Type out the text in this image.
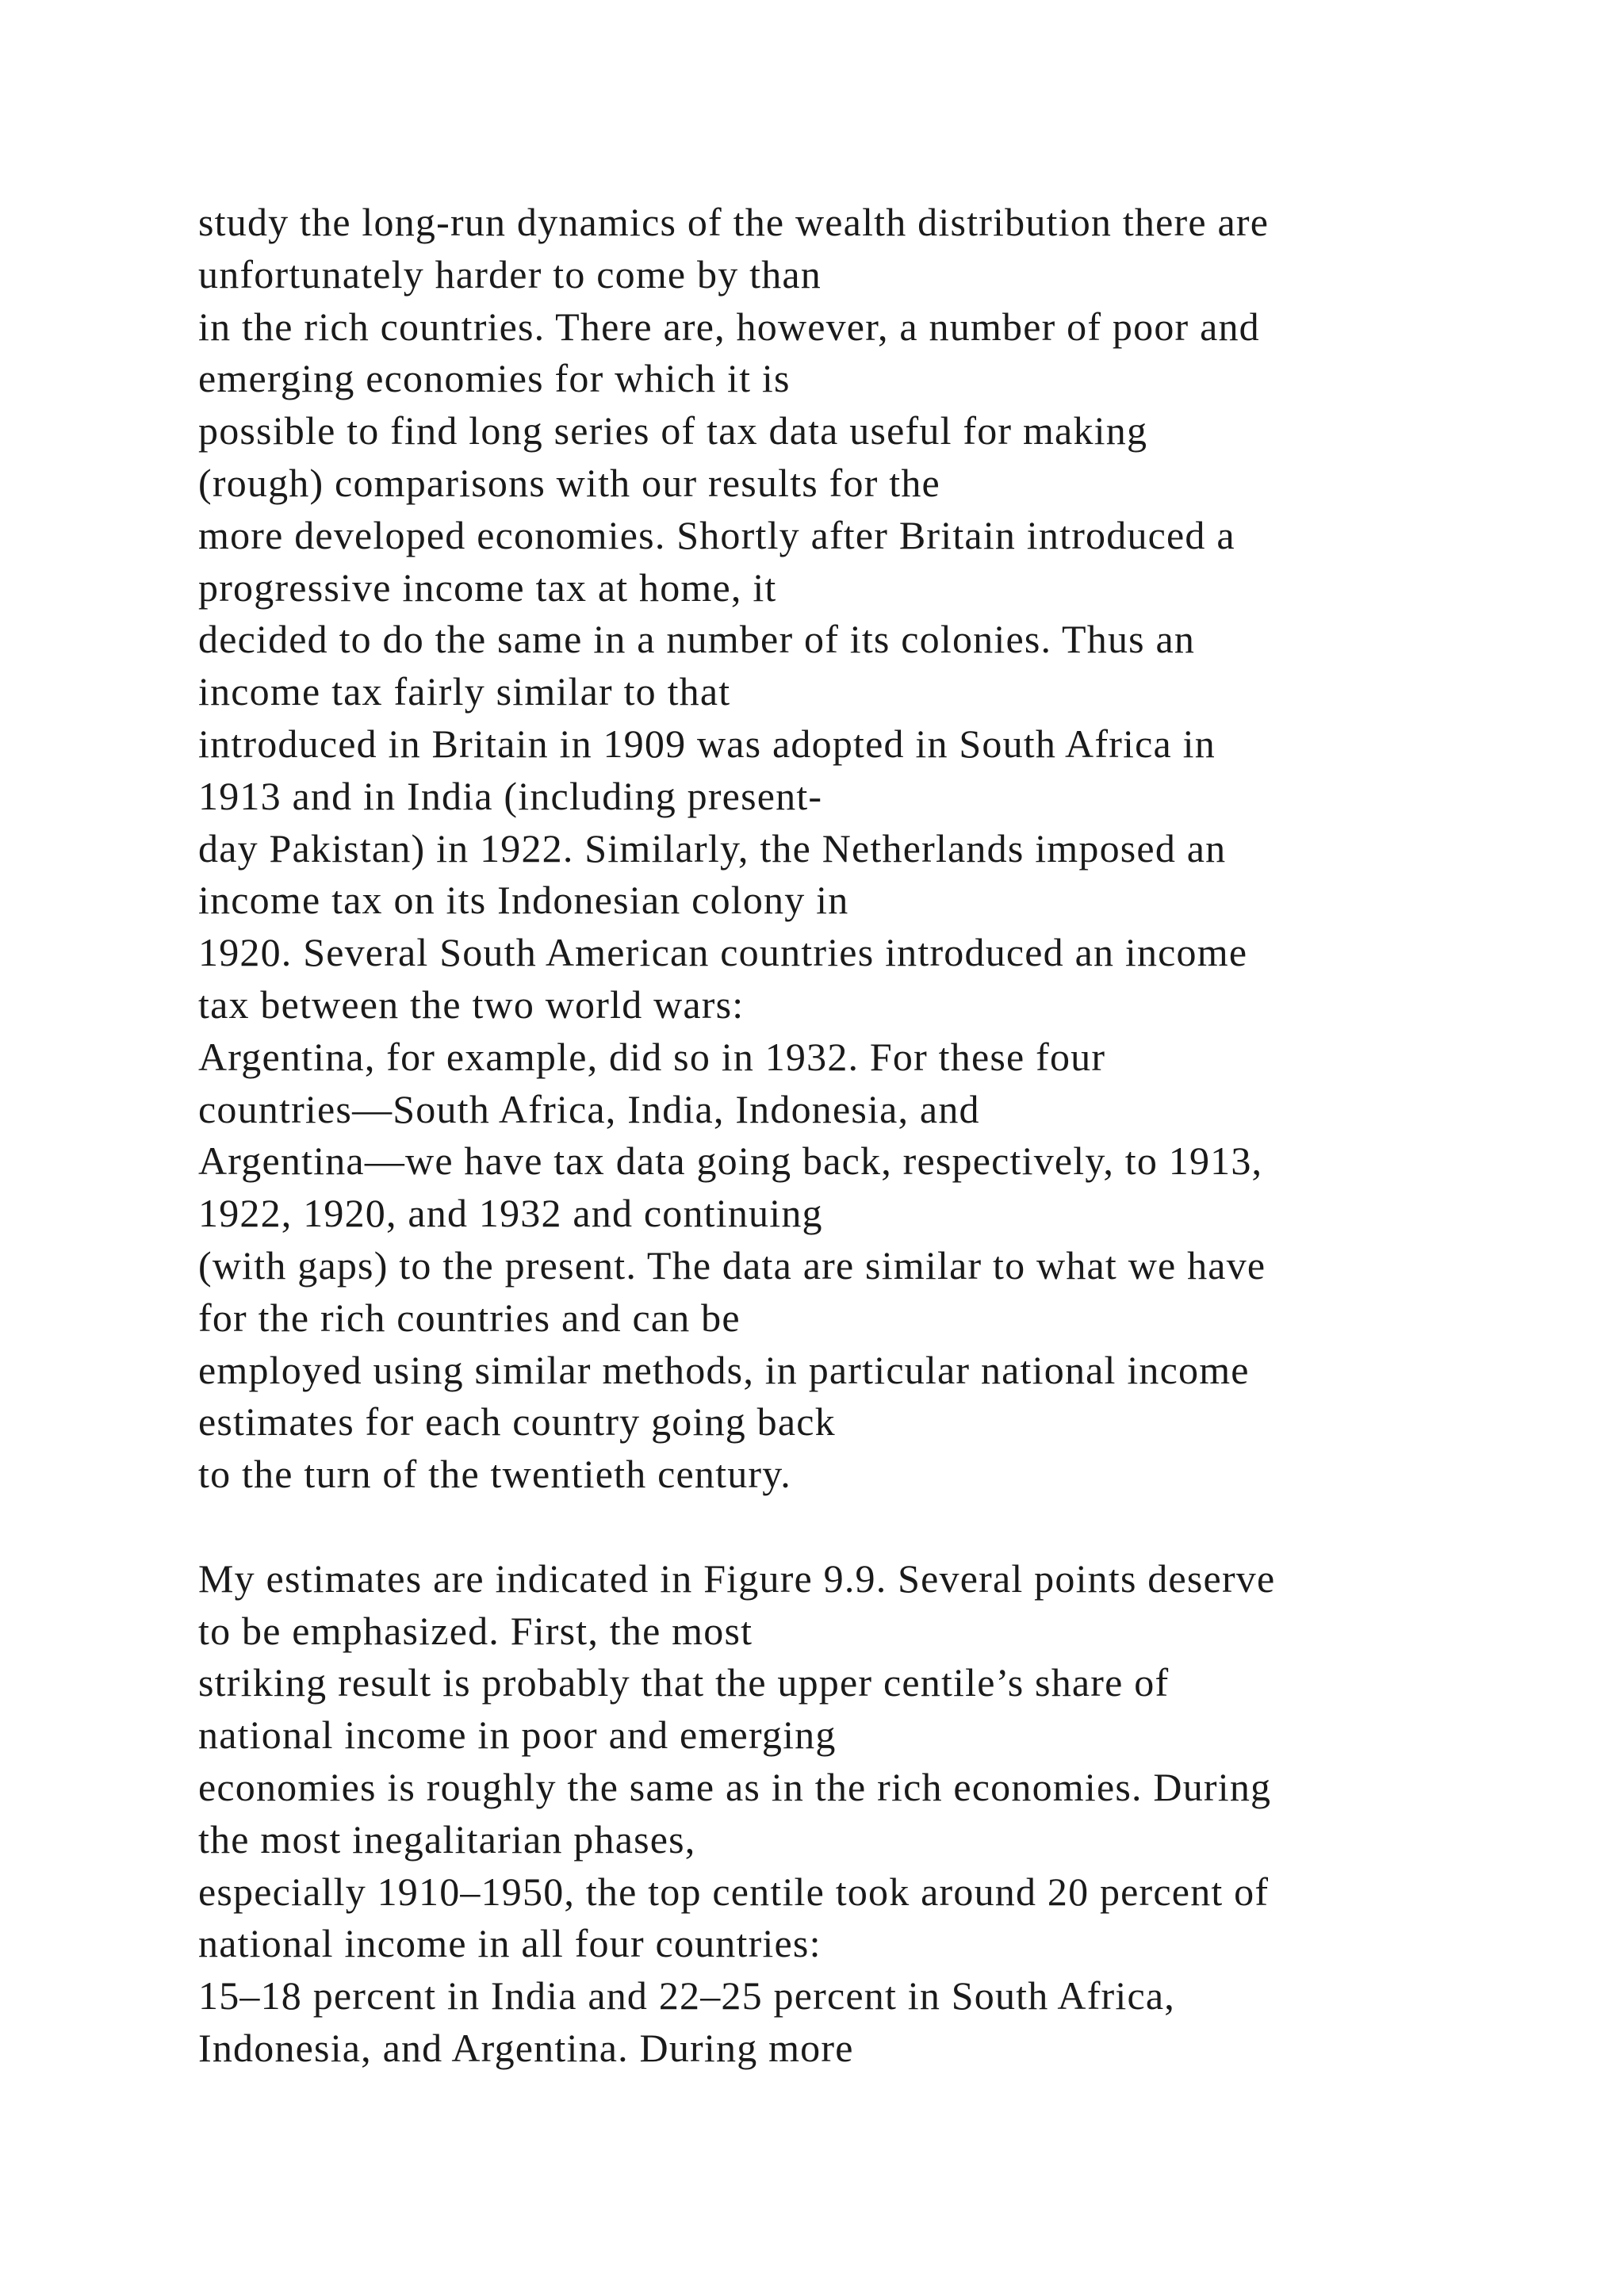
study the long-run dynamics of the wealth distribution there are
unfortunately harder to come by than
in the rich countries. There are, however, a number of poor and
emerging economies for which it is
possible to find long series of tax data useful for making
(rough) comparisons with our results for the
more developed economies. Shortly after Britain introduced a
progressive income tax at home, it
decided to do the same in a number of its colonies. Thus an
income tax fairly similar to that
introduced in Britain in 1909 was adopted in South Africa in
1913 and in India (including present-
day Pakistan) in 1922. Similarly, the Netherlands imposed an
income tax on its Indonesian colony in
1920. Several South American countries introduced an income
tax between the two world wars:
Argentina, for example, did so in 1932. For these four
countries—South Africa, India, Indonesia, and
Argentina—we have tax data going back, respectively, to 1913,
1922, 1920, and 1932 and continuing
(with gaps) to the present. The data are similar to what we have
for the rich countries and can be
employed using similar methods, in particular national income
estimates for each country going back
to the turn of the twentieth century.
My estimates are indicated in Figure 9.9. Several points deserve
to be emphasized. First, the most
striking result is probably that the upper centile’s share of
national income in poor and emerging
economies is roughly the same as in the rich economies. During
the most inegalitarian phases,
especially 1910–1950, the top centile took around 20 percent of
national income in all four countries:
15–18 percent in India and 22–25 percent in South Africa,
Indonesia, and Argentina. During more
